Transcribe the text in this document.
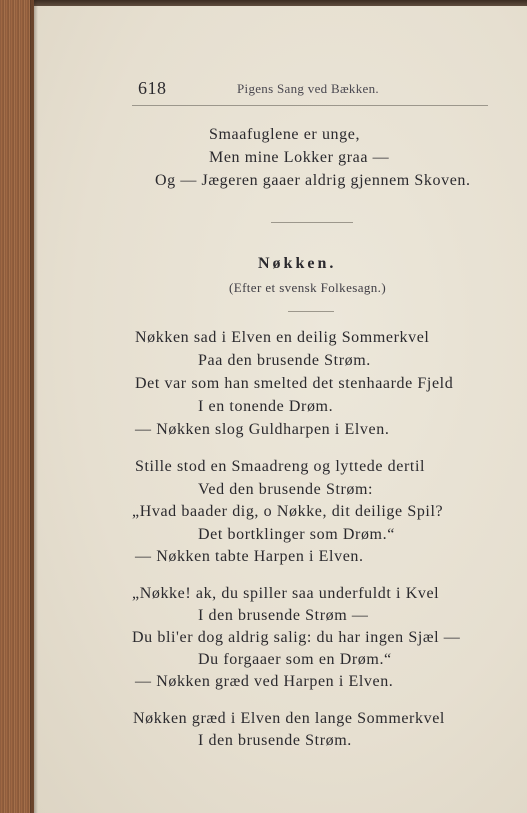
618	Pigens Sang ved Bækken.
Smaafuglene er unge,
Men mine Lokker graa —
Og — Jægeren gaaer aldrig gjennem Skoven.
Nøkken.
(Efter et svensk Folkesagn.)
Nøkken sad i Elven en deilig Sommerkvel
Paa den brusende Strøm.
Det var som han smelted det stenhaarde Fjeld
I en tonende Drøm.
— Nøkken slog Guldharpen i Elven.
Stille stod en Smaadreng og lyttede dertil
Ved den brusende Strøm:
„Hvad baader dig, o Nøkke, dit deilige Spil?
Det bortklinger som Drøm.“
— Nøkken tabte Harpen i Elven.
„Nøkke! ak, du spiller saa underfuldt i Kvel
I den brusende Strøm —
Du bli'er dog aldrig salig: du har ingen Sjæl —
Du forgaaer som en Drøm.“
— Nøkken græd ved Harpen i Elven.
Nøkken græd i Elven den lange Sommerkvel
I den brusende Strøm.
